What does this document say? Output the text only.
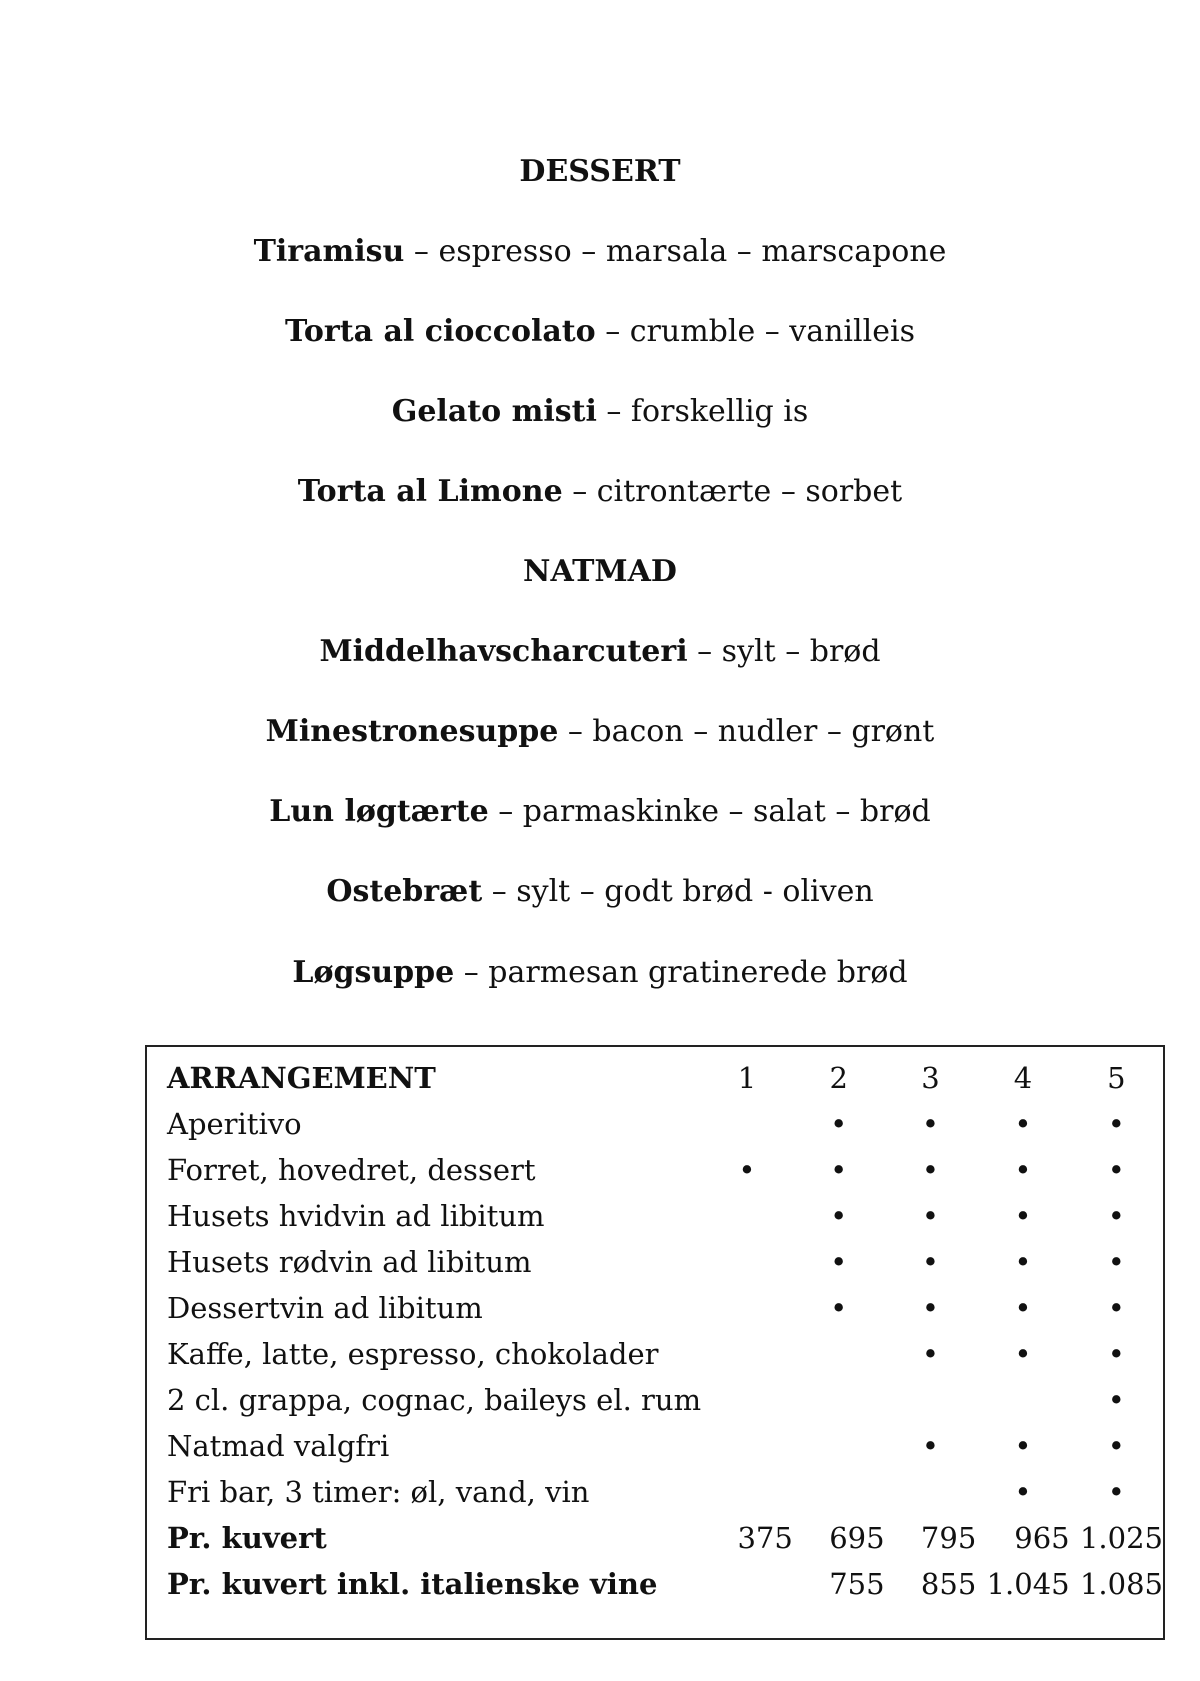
DESSERT
Tiramisu – espresso – marsala – marscapone
Torta al cioccolato – crumble – vanilleis
Gelato misti – forskellig is
Torta al Limone – citrontærte – sorbet
NATMAD
Middelhavscharcuteri – sylt – brød
Minestronesuppe – bacon – nudler – grønt
Lun løgtærte – parmaskinke – salat – brød
Ostebræt – sylt – godt brød - oliven
Løgsuppe – parmesan gratinerede brød
ARRANGEMENT	1	2	3	4	5
Aperitivo		•	•	•	•
Forret, hovedret, dessert	•	•	•	•	•
Husets hvidvin ad libitum		•	•	•	•
Husets rødvin ad libitum		•	•	•	•
Dessertvin ad libitum		•	•	•	•
Kaffe, latte, espresso, chokolader			•	•	•
2 cl. grappa, cognac, baileys el. rum					•
Natmad valgfri			•	•	•
Fri bar, 3 timer: øl, vand, vin				•	•
Pr. kuvert	375	695	795	965	1.025
Pr. kuvert inkl. italienske vine		755	855	1.045	1.085
